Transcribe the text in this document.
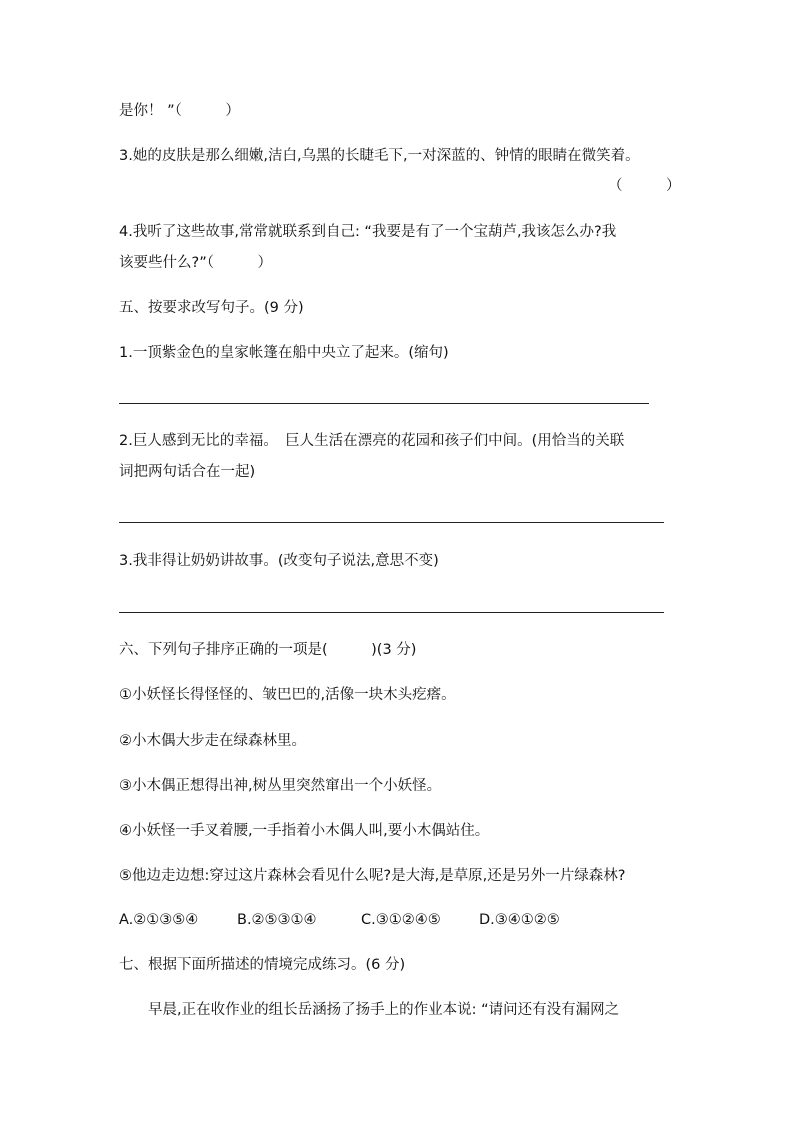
是你！ ”（　　　）
3.她的皮肤是那么细嫩,洁白,乌黑的长睫毛下,一对深蓝的、钟情的眼睛在微笑着。
（　　　）
4.我听了这些故事,常常就联系到自己: “我要是有了一个宝葫芦,我该怎么办?我
该要些什么?”（　　　）
五、按要求改写句子。(9 分)
1.一顶紫金色的皇家帐篷在船中央立了起来。(缩句)
2.巨人感到无比的幸福。　巨人生活在漂亮的花园和孩子们中间。(用恰当的关联
词把两句话合在一起)
3.我非得让奶奶讲故事。(改变句子说法,意思不变)
六、下列句子排序正确的一项是(　　　)(3 分)
①小妖怪长得怪怪的、皱巴巴的,活像一块木头疙瘩。
②小木偶大步走在绿森林里。
③小木偶正想得出神,树丛里突然窜出一个小妖怪。
④小妖怪一手叉着腰,一手指着小木偶人叫,要小木偶站住。
⑤他边走边想:穿过这片森林会看见什么呢?是大海,是草原,还是另外一片绿森林?
A.②①③⑤④	B.②⑤③①④	C.③①②④⑤	D.③④①②⑤
七、根据下面所描述的情境完成练习。(6 分)
早晨,正在收作业的组长岳涵扬了扬手上的作业本说: “请问还有没有漏网之
